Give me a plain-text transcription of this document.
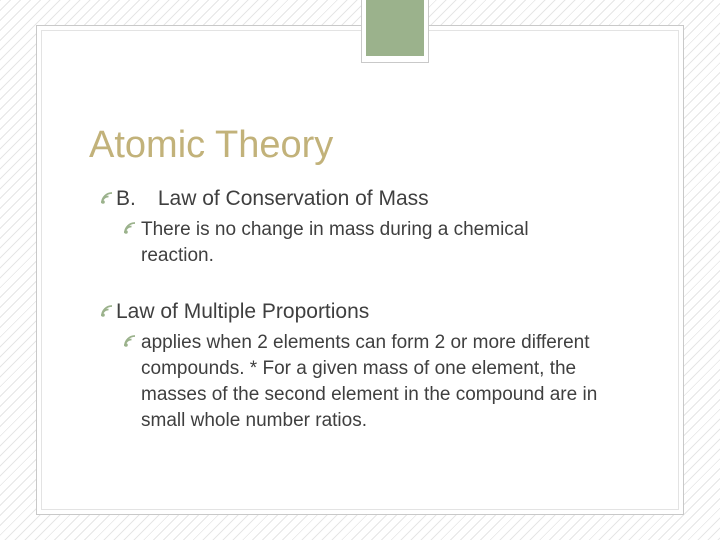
Atomic Theory
B. Law of Conservation of Mass
There is no change in mass during a chemical reaction.
Law of Multiple Proportions
applies when 2 elements can form 2 or more different compounds. * For a given mass of one element, the masses of the second element in the compound are in small whole number ratios.
